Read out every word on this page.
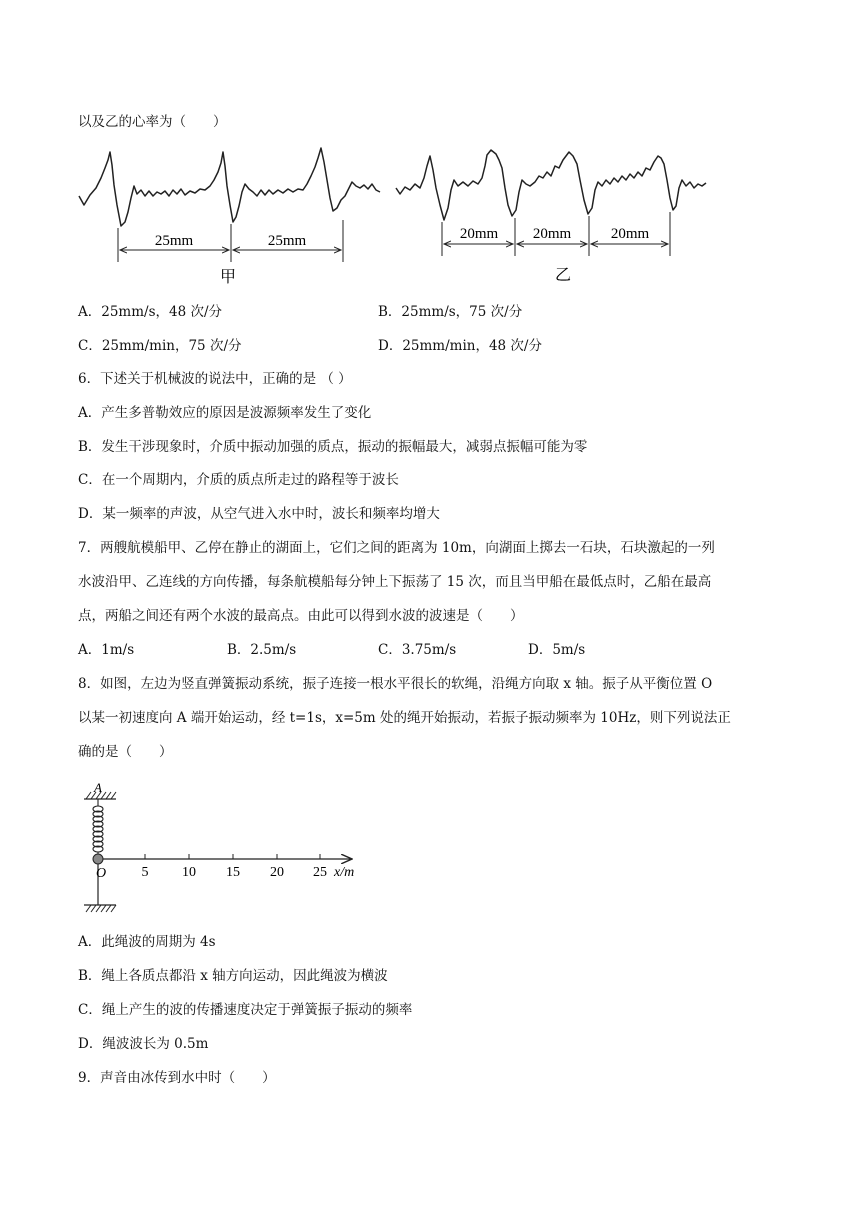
以及乙的心率为（　　）
25mm	25mm
甲
20mm 20mm	20mm
乙
A．25mm/s，48 次/分	B．25mm/s，75 次/分
C．25mm/min，75 次/分	D．25mm/min，48 次/分
6．下述关于机械波的说法中，正确的是 （ ）
A．产生多普勒效应的原因是波源频率发生了变化
B．发生干涉现象时，介质中振动加强的质点，振动的振幅最大，减弱点振幅可能为零
C．在一个周期内，介质的质点所走过的路程等于波长
D．某一频率的声波，从空气进入水中时，波长和频率均增大
7．两艘航模船甲、乙停在静止的湖面上，它们之间的距离为 10m，向湖面上掷去一石块，石块激起的一列
水波沿甲、乙连线的方向传播，每条航模船每分钟上下振荡了 15 次，而且当甲船在最低点时，乙船在最高
点，两船之间还有两个水波的最高点。由此可以得到水波的波速是（　　）
A．1m/s	B．2.5m/s	C．3.75m/s	D．5m/s
8．如图，左边为竖直弹簧振动系统，振子连接一根水平很长的软绳，沿绳方向取 x 轴。振子从平衡位置 O
以某一初速度向 A 端开始运动，经 t=1s，x=5m 处的绳开始振动，若振子振动频率为 10Hz，则下列说法正
确的是（　　）
A
O	5 10 15 20 25 x/m
A．此绳波的周期为 4s
B．绳上各质点都沿 x 轴方向运动，因此绳波为横波
C．绳上产生的波的传播速度决定于弹簧振子振动的频率
D．绳波波长为 0.5m
9．声音由冰传到水中时（　　）
